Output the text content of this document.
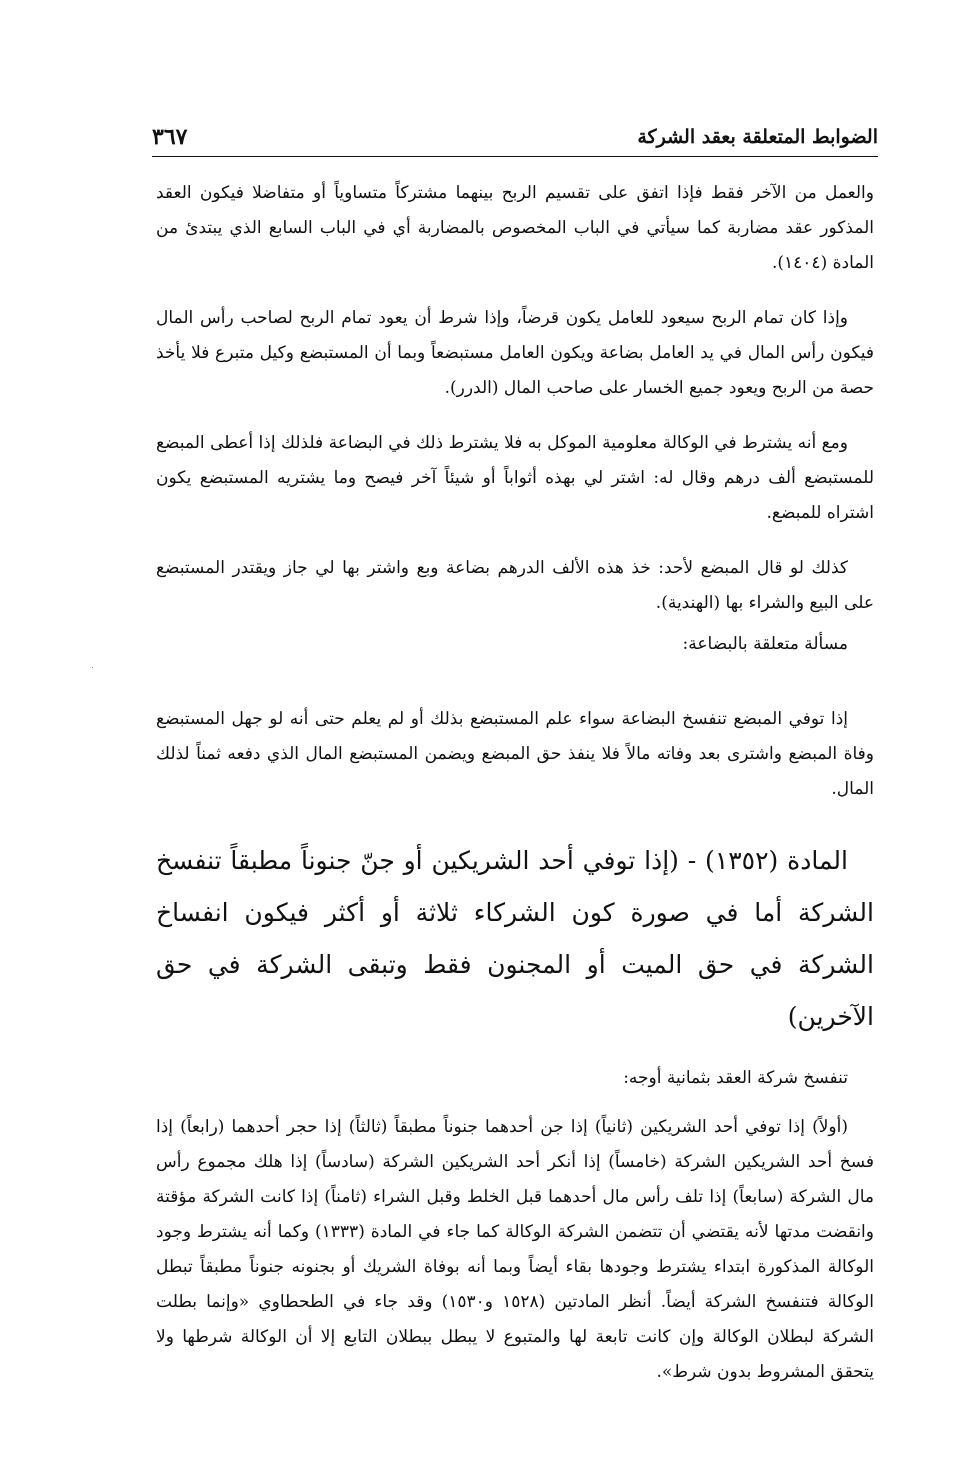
الضوابط المتعلقة بعقد الشركة
٣٦٧

والعمل من الآخر فقط فإذا اتفق على تقسيم الربح بينهما مشتركاً متساوياً أو متفاضلا فيكون العقد المذكور عقد مضاربة كما سيأتي في الباب المخصوص بالمضاربة أي في الباب السابع الذي يبتدئ من المادة (١٤٠٤).

وإذا كان تمام الربح سيعود للعامل يكون قرضاً، وإذا شرط أن يعود تمام الربح لصاحب رأس المال فيكون رأس المال في يد العامل بضاعة ويكون العامل مستبضعاً وبما أن المستبضع وكيل متبرع فلا يأخذ حصة من الربح ويعود جميع الخسار على صاحب المال (الدرر).

ومع أنه يشترط في الوكالة معلومية الموكل به فلا يشترط ذلك في البضاعة فلذلك إذا أعطى المبضع للمستبضع ألف درهم وقال له: اشتر لي بهذه أثواباً أو شيئاً آخر فيصح وما يشتريه المستبضع يكون اشتراه للمبضع.

كذلك لو قال المبضع لأحد: خذ هذه الألف الدرهم بضاعة وبع واشتر بها لي جاز ويقتدر المستبضع على البيع والشراء بها (الهندية).

مسألة متعلقة بالبضاعة:

إذا توفي المبضع تنفسخ البضاعة سواء علم المستبضع بذلك أو لم يعلم حتى أنه لو جهل المستبضع وفاة المبضع واشترى بعد وفاته مالاً فلا ينفذ حق المبضع ويضمن المستبضع المال الذي دفعه ثمناً لذلك المال.

المادة (١٣٥٢) - (إذا توفي أحد الشريكين أو جنّ جنوناً مطبقاً تنفسخ الشركة أما في صورة كون الشركاء ثلاثة أو أكثر فيكون انفساخ الشركة في حق الميت أو المجنون فقط وتبقى الشركة في حق الآخرين)

تنفسخ شركة العقد بثمانية أوجه:

(أولاً) إذا توفي أحد الشريكين (ثانياً) إذا جن أحدهما جنوناً مطبقاً (ثالثاً) إذا حجر أحدهما (رابعاً) إذا فسخ أحد الشريكين الشركة (خامساً) إذا أنكر أحد الشريكين الشركة (سادساً) إذا هلك مجموع رأس مال الشركة (سابعاً) إذا تلف رأس مال أحدهما قبل الخلط وقبل الشراء (ثامناً) إذا كانت الشركة مؤقتة وانقضت مدتها لأنه يقتضي أن تتضمن الشركة الوكالة كما جاء في المادة (١٣٣٣) وكما أنه يشترط وجود الوكالة المذكورة ابتداء يشترط وجودها بقاء أيضاً وبما أنه بوفاة الشريك أو بجنونه جنوناً مطبقاً تبطل الوكالة فتنفسخ الشركة أيضاً. أنظر المادتين (١٥٢٨ و١٥٣٠) وقد جاء في الطحطاوي «وإنما بطلت الشركة لبطلان الوكالة وإن كانت تابعة لها والمتبوع لا يبطل ببطلان التابع إلا أن الوكالة شرطها ولا يتحقق المشروط بدون شرط».
